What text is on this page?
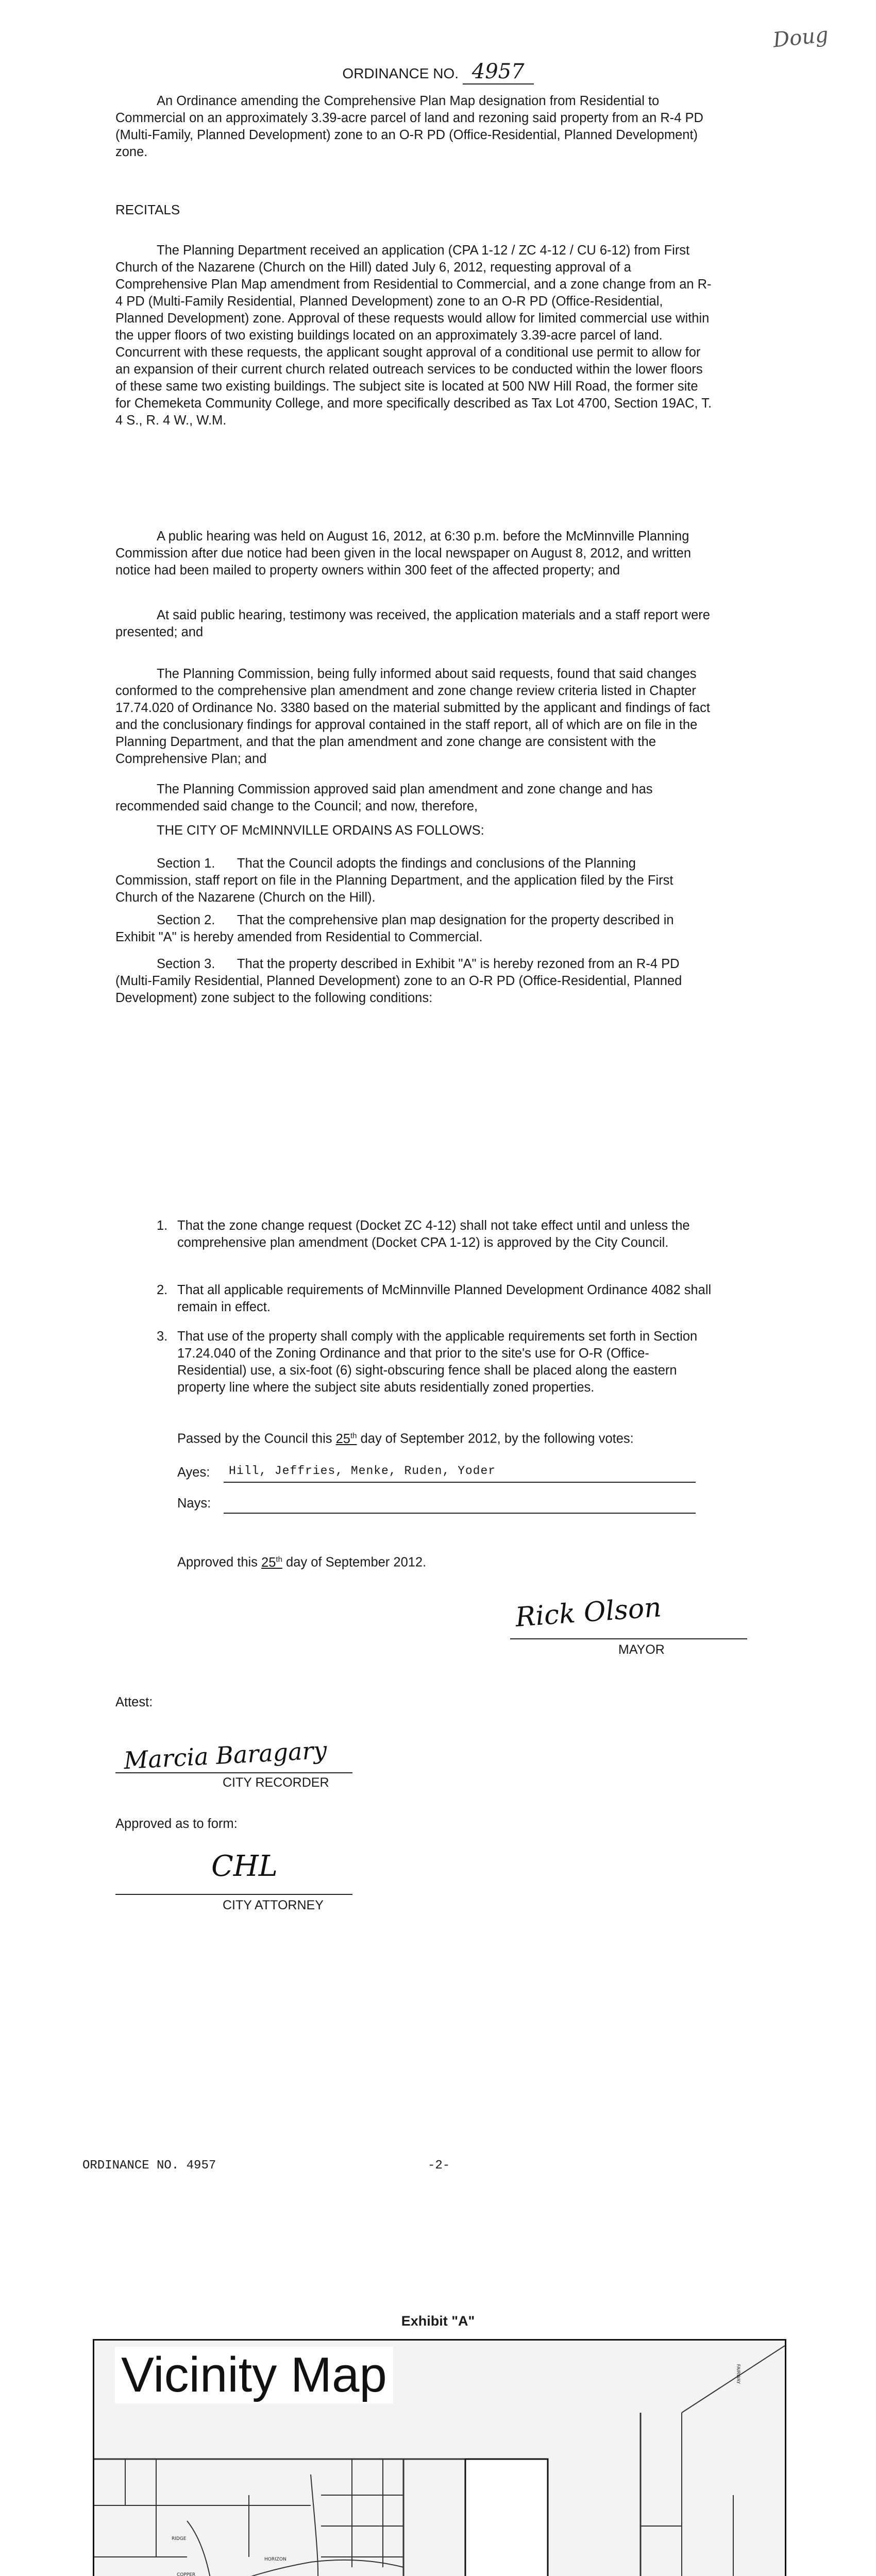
Doug
ORDINANCE NO. 4957

An Ordinance amending the Comprehensive Plan Map designation from Residential to Commercial on an approximately 3.39-acre parcel of land and rezoning said property from an R-4 PD (Multi-Family, Planned Development) zone to an O-R PD (Office-Residential, Planned Development) zone.

RECITALS

The Planning Department received an application (CPA 1-12 / ZC 4-12 / CU 6-12) from First Church of the Nazarene (Church on the Hill) dated July 6, 2012, requesting approval of a Comprehensive Plan Map amendment from Residential to Commercial, and a zone change from an R-4 PD (Multi-Family Residential, Planned Development) zone to an O-R PD (Office-Residential, Planned Development) zone. Approval of these requests would allow for limited commercial use within the upper floors of two existing buildings located on an approximately 3.39-acre parcel of land. Concurrent with these requests, the applicant sought approval of a conditional use permit to allow for an expansion of their current church related outreach services to be conducted within the lower floors of these same two existing buildings. The subject site is located at 500 NW Hill Road, the former site for Chemeketa Community College, and more specifically described as Tax Lot 4700, Section 19AC, T. 4 S., R. 4 W., W.M.

A public hearing was held on August 16, 2012, at 6:30 p.m. before the McMinnville Planning Commission after due notice had been given in the local newspaper on August 8, 2012, and written notice had been mailed to property owners within 300 feet of the affected property; and

At said public hearing, testimony was received, the application materials and a staff report were presented; and

The Planning Commission, being fully informed about said requests, found that said changes conformed to the comprehensive plan amendment and zone change review criteria listed in Chapter 17.74.020 of Ordinance No. 3380 based on the material submitted by the applicant and findings of fact and the conclusionary findings for approval contained in the staff report, all of which are on file in the Planning Department, and that the plan amendment and zone change are consistent with the Comprehensive Plan; and

The Planning Commission approved said plan amendment and zone change and has recommended said change to the Council; and now, therefore,

THE CITY OF McMINNVILLE ORDAINS AS FOLLOWS:

Section 1.      That the Council adopts the findings and conclusions of the Planning Commission, staff report on file in the Planning Department, and the application filed by the First Church of the Nazarene (Church on the Hill).

Section 2.      That the comprehensive plan map designation for the property described in Exhibit "A" is hereby amended from Residential to Commercial.

Section 3.      That the property described in Exhibit "A" is hereby rezoned from an R-4 PD (Multi-Family Residential, Planned Development) zone to an O-R PD (Office-Residential, Planned Development) zone subject to the following conditions:

1. That the zone change request (Docket ZC 4-12) shall not take effect until and unless the comprehensive plan amendment (Docket CPA 1-12) is approved by the City Council.
2. That all applicable requirements of McMinnville Planned Development Ordinance 4082 shall remain in effect.
3. That use of the property shall comply with the applicable requirements set forth in Section 17.24.040 of the Zoning Ordinance and that prior to the site's use for O-R (Office-Residential) use, a six-foot (6) sight-obscuring fence shall be placed along the eastern property line where the subject site abuts residentially zoned properties.
Passed by the Council this 25th day of September 2012, by the following votes:
Ayes: Hill, Jeffries, Menke, Ruden, Yoder
Nays:
Approved this 25th day of September 2012.
Rick Olson
MAYOR
Attest:
Marcia Baragary
CITY RECORDER
Approved as to form:
CHL
CITY ATTORNEY
ORDINANCE NO. 4957	-2-
Exhibit "A"
Vicinity Map
HORIZON
RIDGE
COPPER
FAIRWAY
